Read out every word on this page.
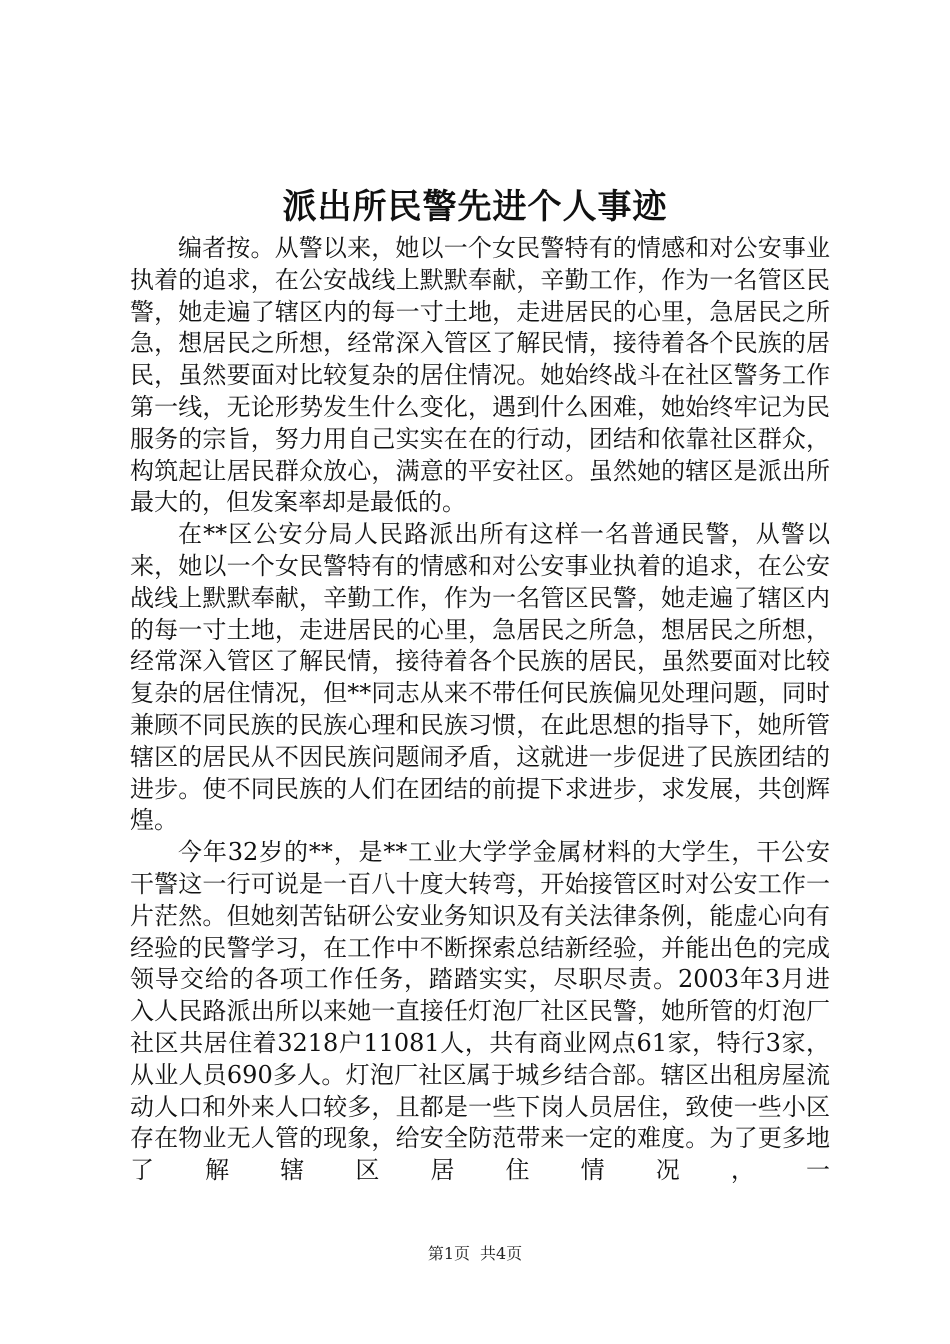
派出所民警先进个人事迹

编者按。从警以来，她以一个女民警特有的情感和对公安事业执着的追求，在公安战线上默默奉献，辛勤工作，作为一名管区民警，她走遍了辖区内的每一寸土地，走进居民的心里，急居民之所急，想居民之所想，经常深入管区了解民情，接待着各个民族的居民，虽然要面对比较复杂的居住情况。她始终战斗在社区警务工作第一线，无论形势发生什么变化，遇到什么困难，她始终牢记为民服务的宗旨，努力用自己实实在在的行动，团结和依靠社区群众，构筑起让居民群众放心，满意的平安社区。虽然她的辖区是派出所最大的，但发案率却是最低的。

在**区公安分局人民路派出所有这样一名普通民警，从警以来，她以一个女民警特有的情感和对公安事业执着的追求，在公安战线上默默奉献，辛勤工作，作为一名管区民警，她走遍了辖区内的每一寸土地，走进居民的心里，急居民之所急，想居民之所想，经常深入管区了解民情，接待着各个民族的居民，虽然要面对比较复杂的居住情况，但**同志从来不带任何民族偏见处理问题，同时兼顾不同民族的民族心理和民族习惯，在此思想的指导下，她所管辖区的居民从不因民族问题闹矛盾，这就进一步促进了民族团结的进步。使不同民族的人们在团结的前提下求进步，求发展，共创辉煌。

今年32岁的**，是**工业大学学金属材料的大学生，干公安干警这一行可说是一百八十度大转弯，开始接管区时对公安工作一片茫然。但她刻苦钻研公安业务知识及有关法律条例，能虚心向有经验的民警学习，在工作中不断探索总结新经验，并能出色的完成领导交给的各项工作任务，踏踏实实，尽职尽责。2003年3月进入人民路派出所以来她一直接任灯泡厂社区民警，她所管的灯泡厂社区共居住着3218户11081人，共有商业网点61家，特行3家，从业人员690多人。灯泡厂社区属于城乡结合部。辖区出租房屋流动人口和外来人口较多，且都是一些下岗人员居住，致使一些小区存在物业无人管的现象，给安全防范带来一定的难度。为了更多地了解辖区居住情况，一

第1页 共4页
